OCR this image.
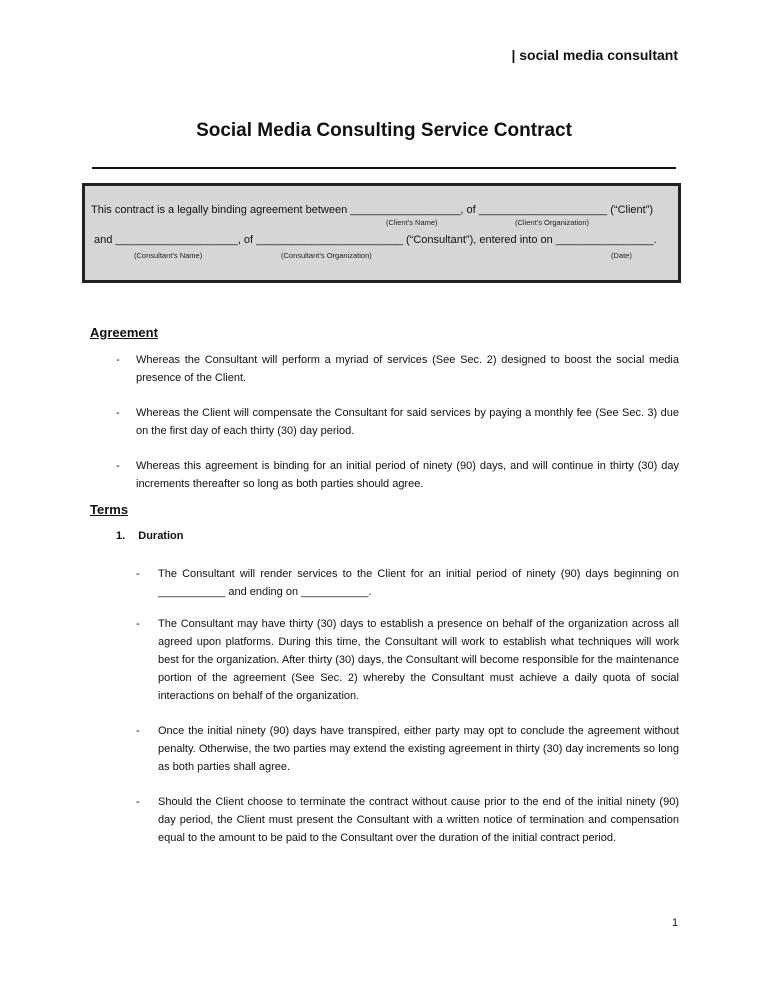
| social media consultant
Social Media Consulting Service Contract
This contract is a legally binding agreement between __________________, of _____________________ (“Client”)
(Client’s Name)	(Client’s Organization)
and ____________________, of ________________________ (“Consultant”), entered into on ________________.
(Consultant’s Name)	(Consultant’s Organization)	(Date)
Agreement
- Whereas the Consultant will perform a myriad of services (See Sec. 2) designed to boost the social media presence of the Client.
- Whereas the Client will compensate the Consultant for said services by paying a monthly fee (See Sec. 3) due on the first day of each thirty (30) day period.
- Whereas this agreement is binding for an initial period of ninety (90) days, and will continue in thirty (30) day increments thereafter so long as both parties should agree.
Terms
1. Duration
- The Consultant will render services to the Client for an initial period of ninety (90) days beginning on ___________ and ending on ___________.
- The Consultant may have thirty (30) days to establish a presence on behalf of the organization across all agreed upon platforms. During this time, the Consultant will work to establish what techniques will work best for the organization. After thirty (30) days, the Consultant will become responsible for the maintenance portion of the agreement (See Sec. 2) whereby the Consultant must achieve a daily quota of social interactions on behalf of the organization.
- Once the initial ninety (90) days have transpired, either party may opt to conclude the agreement without penalty. Otherwise, the two parties may extend the existing agreement in thirty (30) day increments so long as both parties shall agree.
- Should the Client choose to terminate the contract without cause prior to the end of the initial ninety (90) day period, the Client must present the Consultant with a written notice of termination and compensation equal to the amount to be paid to the Consultant over the duration of the initial contract period.
1
